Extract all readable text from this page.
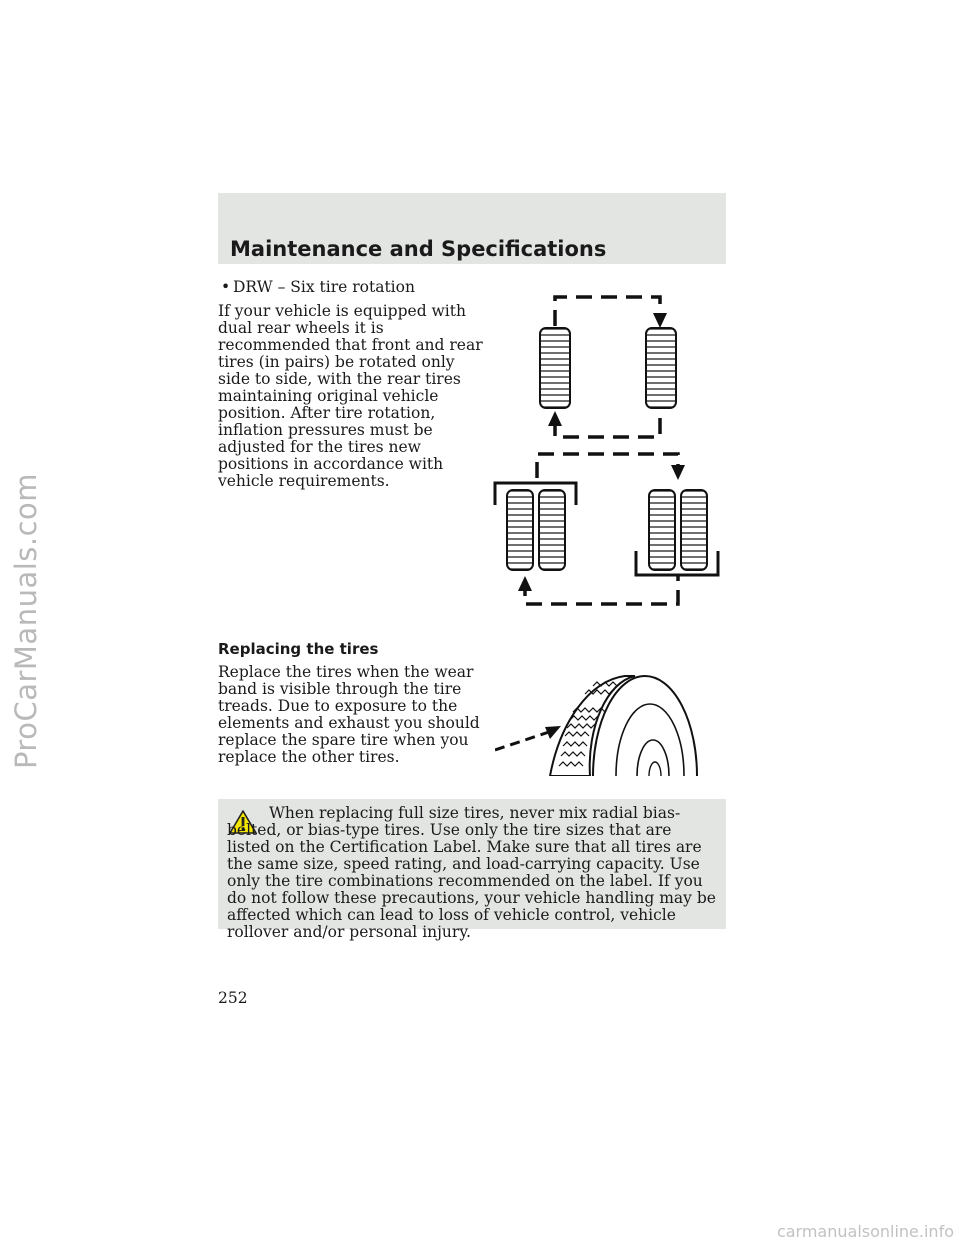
ProCarManuals.com
Maintenance and Specifications
• DRW – Six tire rotation
If your vehicle is equipped with dual rear wheels it is recommended that front and rear tires (in pairs) be rotated only side to side, with the rear tires maintaining original vehicle position. After tire rotation, inflation pressures must be adjusted for the tires new positions in accordance with vehicle requirements.
Replacing the tires
Replace the tires when the wear band is visible through the tire treads. Due to exposure to the elements and exhaust you should replace the spare tire when you replace the other tires.
When replacing full size tires, never mix radial bias-belted, or bias-type tires. Use only the tire sizes that are listed on the Certification Label. Make sure that all tires are the same size, speed rating, and load-carrying capacity. Use only the tire combinations recommended on the label. If you do not follow these precautions, your vehicle handling may be affected which can lead to loss of vehicle control, vehicle rollover and/or personal injury.
252
carmanualsonline.info
